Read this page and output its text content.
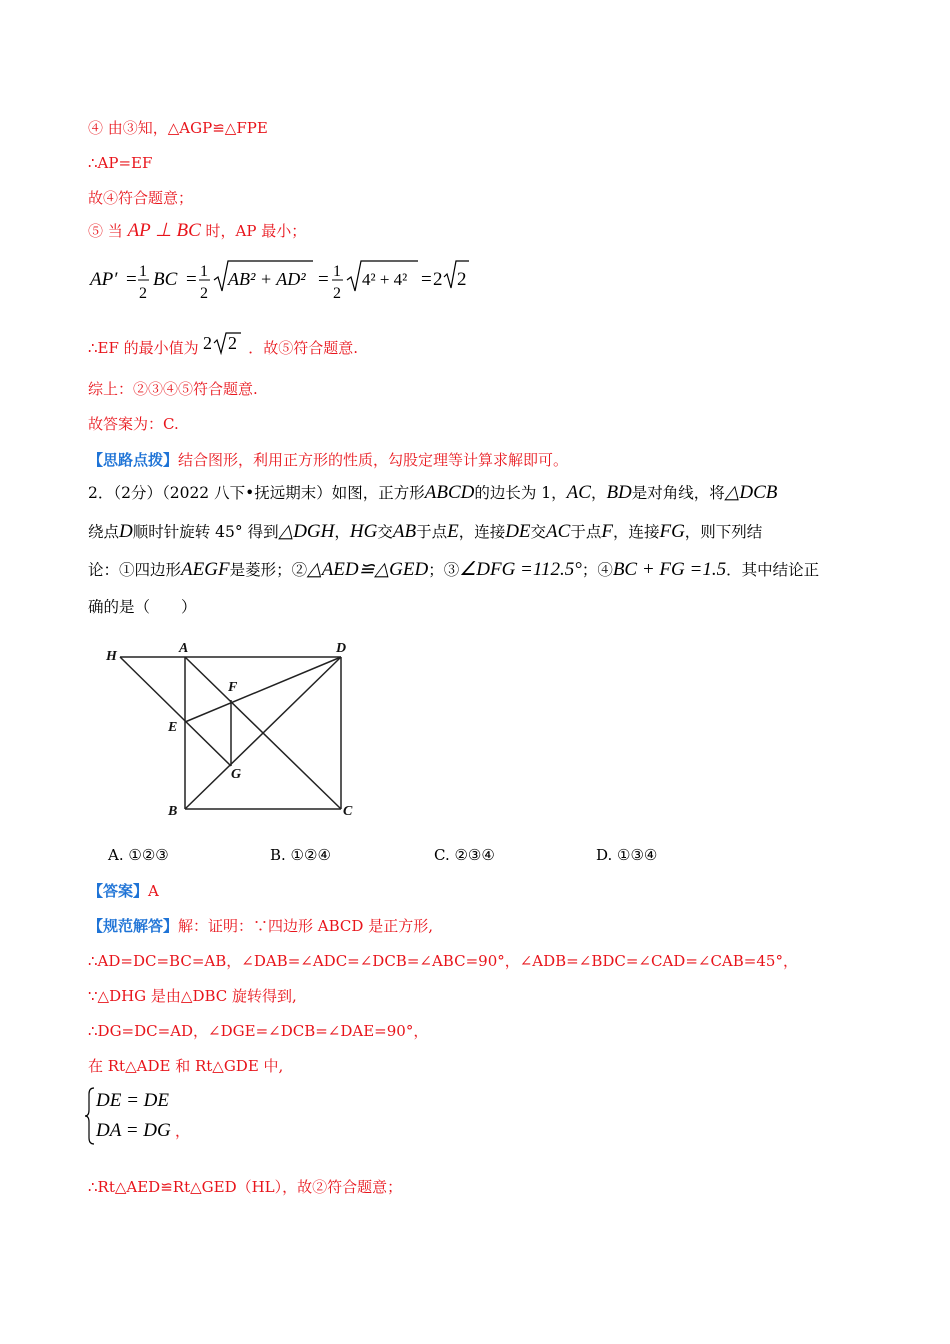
④ 由③知，△AGP≌△FPE
∴AP=EF
故④符合题意；
⑤ 当 AP ⊥ BC 时，AP 最小；
AP′ = 1
2
BC = 1
2
AB² + AD² = 1
2
4² + 4² = 2 2
∴EF 的最小值为 2 2 ．故⑤符合题意.
综上：②③④⑤符合题意.
故答案为：C.
【思路点拨】结合图形，利用正方形的性质，勾股定理等计算求解即可。
2．（2分）（2022 八下•抚远期末）如图，正方形ABCD的边长为 1，AC，BD是对角线，将△DCB
绕点D顺时针旋转 45° 得到△DGH，HG交AB于点E，连接DE交AC于点F，连接FG，则下列结
论：①四边形AEGF是菱形；②△AED≌△GED；③∠DFG =112.5°；④BC + FG =1.5．其中结论正
确的是（　　）
H
A	D
F
E
G
B	C
A. ①②③	B. ①②④	C. ②③④	D. ①③④
【答案】A
【规范解答】解：证明：∵四边形 ABCD 是正方形,
∴AD=DC=BC=AB，∠DAB=∠ADC=∠DCB=∠ABC=90°，∠ADB=∠BDC=∠CAD=∠CAB=45°，
∵△DHG 是由△DBC 旋转得到,
∴DG=DC=AD，∠DGE=∠DCB=∠DAE=90°，
在 Rt△ADE 和 Rt△GDE 中,
DE = DE
DA = DG ，
∴Rt△AED≌Rt△GED（HL），故②符合题意；
